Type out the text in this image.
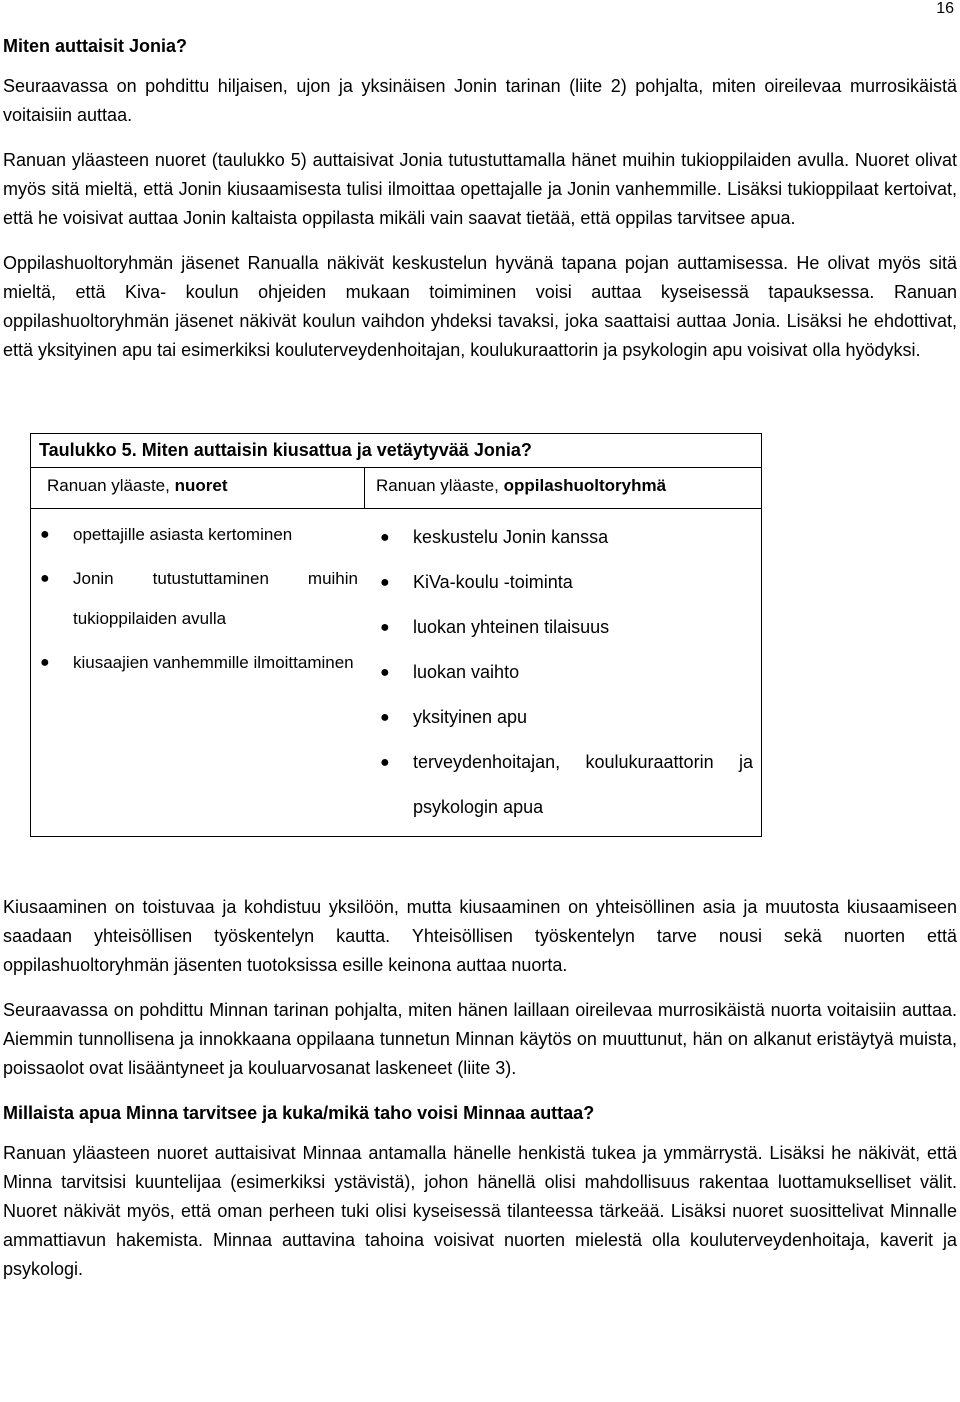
16
Miten auttaisit Jonia?

Seuraavassa on pohdittu hiljaisen, ujon ja yksinäisen Jonin tarinan (liite 2) pohjalta, miten oireilevaa murrosikäistä voitaisiin auttaa.

Ranuan yläasteen nuoret (taulukko 5) auttaisivat Jonia tutustuttamalla hänet muihin tukioppilaiden avulla. Nuoret olivat myös sitä mieltä, että Jonin kiusaamisesta tulisi ilmoittaa opettajalle ja Jonin vanhemmille. Lisäksi tukioppilaat kertoivat, että he voisivat auttaa Jonin kaltaista oppilasta mikäli vain saavat tietää, että oppilas tarvitsee apua.

Oppilashuoltoryhmän jäsenet Ranualla näkivät keskustelun hyvänä tapana pojan auttamisessa. He olivat myös sitä mieltä, että Kiva- koulun ohjeiden mukaan toimiminen voisi auttaa kyseisessä tapauksessa. Ranuan oppilashuoltoryhmän jäsenet näkivät koulun vaihdon yhdeksi tavaksi, joka saattaisi auttaa Jonia. Lisäksi he ehdottivat, että yksityinen apu tai esimerkiksi kouluterveydenhoitajan, koulukuraattorin ja psykologin apu voisivat olla hyödyksi.

Taulukko 5. Miten auttaisin kiusattua ja vetäytyvää Jonia?
Ranuan yläaste, nuoret	Ranuan yläaste, oppilashuoltoryhmä
● opettajille asiasta kertominen
● Jonin tutustuttaminen muihin tukioppilaiden avulla
● kiusaajien vanhemmille ilmoittaminen
● keskustelu Jonin kanssa
● KiVa-koulu -toiminta
● luokan yhteinen tilaisuus
● luokan vaihto
● yksityinen apu
● terveydenhoitajan, koulukuraattorin ja psykologin apua

Kiusaaminen on toistuvaa ja kohdistuu yksilöön, mutta kiusaaminen on yhteisöllinen asia ja muutosta kiusaamiseen saadaan yhteisöllisen työskentelyn kautta. Yhteisöllisen työskentelyn tarve nousi sekä nuorten että oppilashuoltoryhmän jäsenten tuotoksissa esille keinona auttaa nuorta.

Seuraavassa on pohdittu Minnan tarinan pohjalta, miten hänen laillaan oireilevaa murrosikäistä nuorta voitaisiin auttaa. Aiemmin tunnollisena ja innokkaana oppilaana tunnetun Minnan käytös on muuttunut, hän on alkanut eristäytyä muista, poissaolot ovat lisääntyneet ja kouluarvosanat laskeneet (liite 3).

Millaista apua Minna tarvitsee ja kuka/mikä taho voisi Minnaa auttaa?

Ranuan yläasteen nuoret auttaisivat Minnaa antamalla hänelle henkistä tukea ja ymmärrystä. Lisäksi he näkivät, että Minna tarvitsisi kuuntelijaa (esimerkiksi ystävistä), johon hänellä olisi mahdollisuus rakentaa luottamukselliset välit. Nuoret näkivät myös, että oman perheen tuki olisi kyseisessä tilanteessa tärkeää. Lisäksi nuoret suosittelivat Minnalle ammattiavun hakemista. Minnaa auttavina tahoina voisivat nuorten mielestä olla kouluterveydenhoitaja, kaverit ja psykologi.
